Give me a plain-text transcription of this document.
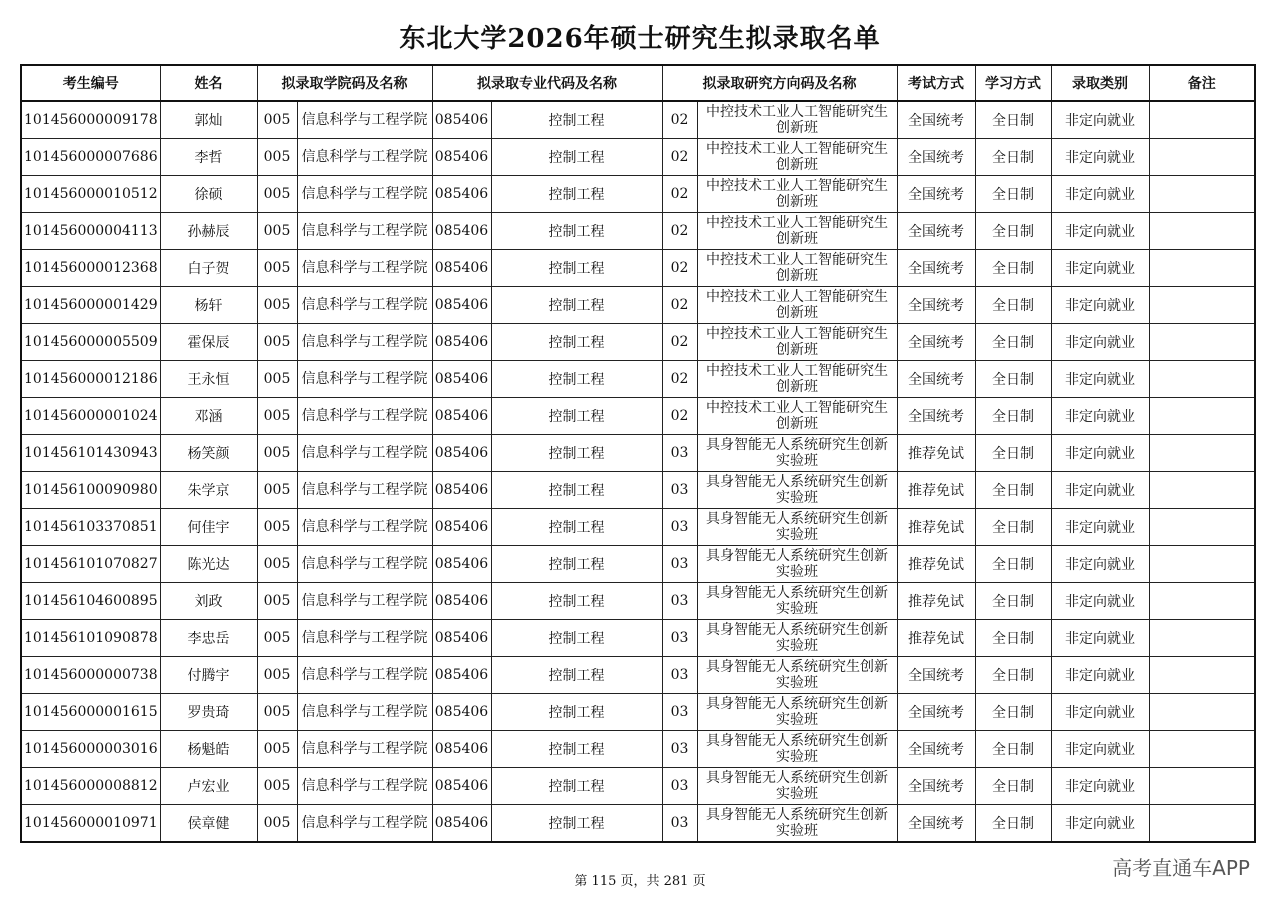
东北大学2026年硕士研究生拟录取名单
考生编号	姓名	拟录取学院码及名称		拟录取专业代码及名称		拟录取研究方向码及名称		考试方式	学习方式	录取类别	备注
101456000009178	郭灿	005	信息科学与工程学院	085406	控制工程	02	中控技术工业人工智能研究生创新班	全国统考	全日制	非定向就业	
101456000007686	李哲	005	信息科学与工程学院	085406	控制工程	02	中控技术工业人工智能研究生创新班	全国统考	全日制	非定向就业	
101456000010512	徐硕	005	信息科学与工程学院	085406	控制工程	02	中控技术工业人工智能研究生创新班	全国统考	全日制	非定向就业	
101456000004113	孙赫辰	005	信息科学与工程学院	085406	控制工程	02	中控技术工业人工智能研究生创新班	全国统考	全日制	非定向就业	
101456000012368	白子贺	005	信息科学与工程学院	085406	控制工程	02	中控技术工业人工智能研究生创新班	全国统考	全日制	非定向就业	
101456000001429	杨轩	005	信息科学与工程学院	085406	控制工程	02	中控技术工业人工智能研究生创新班	全国统考	全日制	非定向就业	
101456000005509	霍保辰	005	信息科学与工程学院	085406	控制工程	02	中控技术工业人工智能研究生创新班	全国统考	全日制	非定向就业	
101456000012186	王永恒	005	信息科学与工程学院	085406	控制工程	02	中控技术工业人工智能研究生创新班	全国统考	全日制	非定向就业	
101456000001024	邓涵	005	信息科学与工程学院	085406	控制工程	02	中控技术工业人工智能研究生创新班	全国统考	全日制	非定向就业	
101456101430943	杨笑颜	005	信息科学与工程学院	085406	控制工程	03	具身智能无人系统研究生创新实验班	推荐免试	全日制	非定向就业	
101456100090980	朱学京	005	信息科学与工程学院	085406	控制工程	03	具身智能无人系统研究生创新实验班	推荐免试	全日制	非定向就业	
101456103370851	何佳宇	005	信息科学与工程学院	085406	控制工程	03	具身智能无人系统研究生创新实验班	推荐免试	全日制	非定向就业	
101456101070827	陈光达	005	信息科学与工程学院	085406	控制工程	03	具身智能无人系统研究生创新实验班	推荐免试	全日制	非定向就业	
101456104600895	刘政	005	信息科学与工程学院	085406	控制工程	03	具身智能无人系统研究生创新实验班	推荐免试	全日制	非定向就业	
101456101090878	李忠岳	005	信息科学与工程学院	085406	控制工程	03	具身智能无人系统研究生创新实验班	推荐免试	全日制	非定向就业	
101456000000738	付腾宇	005	信息科学与工程学院	085406	控制工程	03	具身智能无人系统研究生创新实验班	全国统考	全日制	非定向就业	
101456000001615	罗贵琦	005	信息科学与工程学院	085406	控制工程	03	具身智能无人系统研究生创新实验班	全国统考	全日制	非定向就业	
101456000003016	杨魁皓	005	信息科学与工程学院	085406	控制工程	03	具身智能无人系统研究生创新实验班	全国统考	全日制	非定向就业	
101456000008812	卢宏业	005	信息科学与工程学院	085406	控制工程	03	具身智能无人系统研究生创新实验班	全国统考	全日制	非定向就业	
101456000010971	侯章健	005	信息科学与工程学院	085406	控制工程	03	具身智能无人系统研究生创新实验班	全国统考	全日制	非定向就业	
第 115 页，共 281 页
高考直通车APP
